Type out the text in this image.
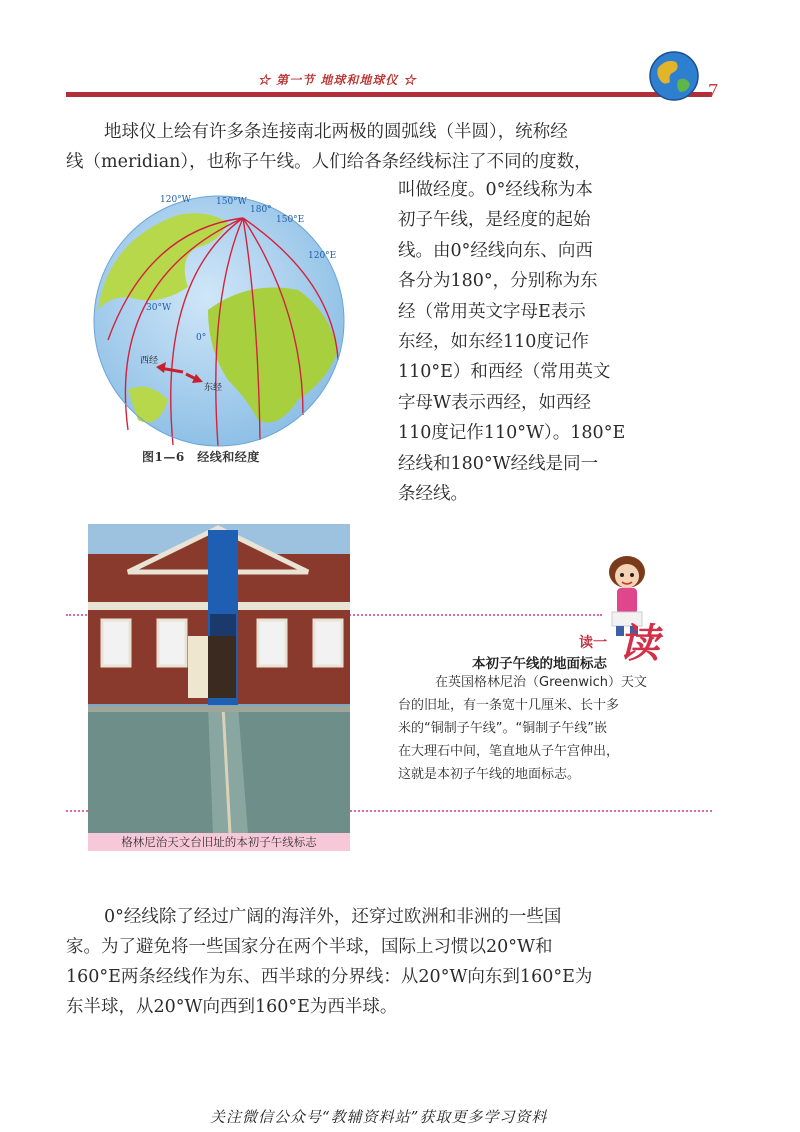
☆ 第一节 地球和地球仪 ☆	7
地球仪上绘有许多条连接南北两极的圆弧线（半圆），统称经
线（meridian），也称子午线。人们给各条经线标注了不同的度数，
120°W	150°W
180°
150°E
120°E
30°W
0°
西经
东经
图1—6　经线和经度
叫做经度。0°经线称为本
初子午线，是经度的起始
线。由0°经线向东、向西
各分为180°，分别称为东
经（常用英文字母E表示
东经，如东经110度记作
110°E）和西经（常用英文
字母W表示西经，如西经
110度记作110°W）。180°E
经线和180°W经线是同一
条经线。
格林尼治天文台旧址的本初子午线标志
读一 读
本初子午线的地面标志
在英国格林尼治（Greenwich）天文
台的旧址，有一条宽十几厘米、长十多
米的“铜制子午线”。“铜制子午线”嵌
在大理石中间，笔直地从子午宫伸出，
这就是本初子午线的地面标志。
0°经线除了经过广阔的海洋外，还穿过欧洲和非洲的一些国
家。为了避免将一些国家分在两个半球，国际上习惯以20°W和
160°E两条经线作为东、西半球的分界线：从20°W向东到160°E为
东半球，从20°W向西到160°E为西半球。
关注微信公众号“教辅资料站”获取更多学习资料
